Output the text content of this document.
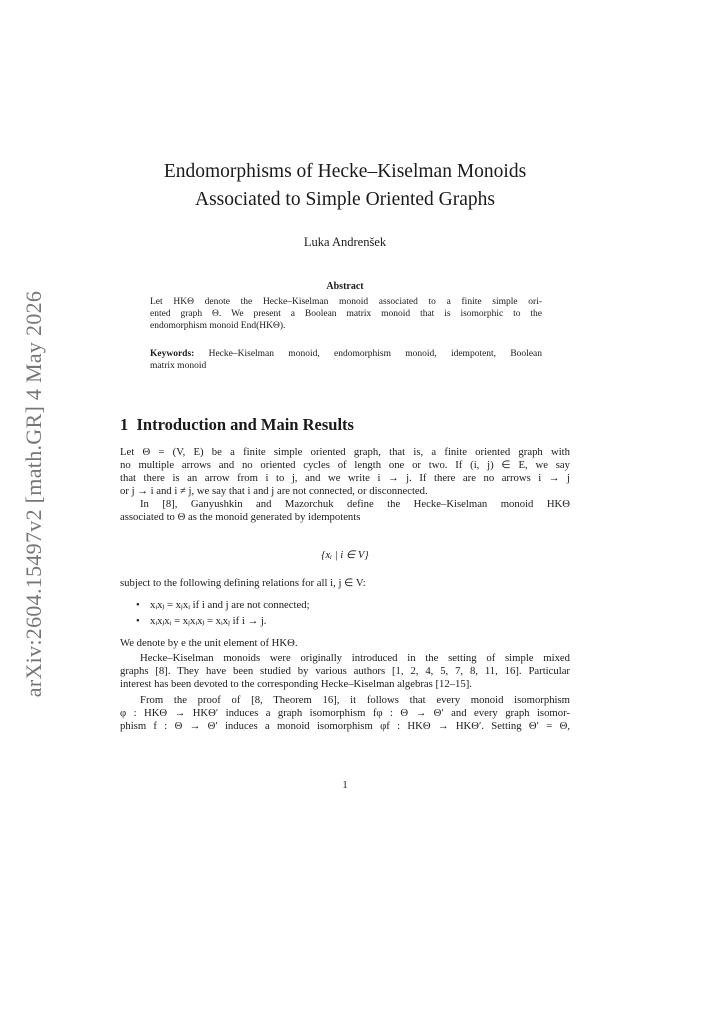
arXiv:2604.15497v2 [math.GR] 4 May 2026
Endomorphisms of Hecke–Kiselman Monoids
Associated to Simple Oriented Graphs
Luka Andrenšek
Abstract
Let HKΘ denote the Hecke–Kiselman monoid associated to a finite simple ori-
ented graph Θ. We present a Boolean matrix monoid that is isomorphic to the
endomorphism monoid End(HKΘ).
Keywords: Hecke–Kiselman monoid, endomorphism monoid, idempotent, Boolean
matrix monoid
1 Introduction and Main Results
Let Θ = (V, E) be a finite simple oriented graph, that is, a finite oriented graph with
no multiple arrows and no oriented cycles of length one or two. If (i, j) ∈ E, we say
that there is an arrow from i to j, and we write i → j. If there are no arrows i → j
or j → i and i ≠ j, we say that i and j are not connected, or disconnected.
In [8], Ganyushkin and Mazorchuk define the Hecke–Kiselman monoid HKΘ
associated to Θ as the monoid generated by idempotents
{xᵢ | i ∈ V}
subject to the following defining relations for all i, j ∈ V:
• xᵢxⱼ = xⱼxᵢ if i and j are not connected;
• xᵢxⱼxᵢ = xⱼxᵢxⱼ = xᵢxⱼ if i → j.
We denote by e the unit element of HKΘ.
Hecke–Kiselman monoids were originally introduced in the setting of simple mixed
graphs [8]. They have been studied by various authors [1, 2, 4, 5, 7, 8, 11, 16]. Particular
interest has been devoted to the corresponding Hecke–Kiselman algebras [12–15].
From the proof of [8, Theorem 16], it follows that every monoid isomorphism
φ : HKΘ → HKΘ′ induces a graph isomorphism fφ : Θ → Θ′ and every graph isomor-
phism f : Θ → Θ′ induces a monoid isomorphism φf : HKΘ → HKΘ′. Setting Θ′ = Θ,
1
